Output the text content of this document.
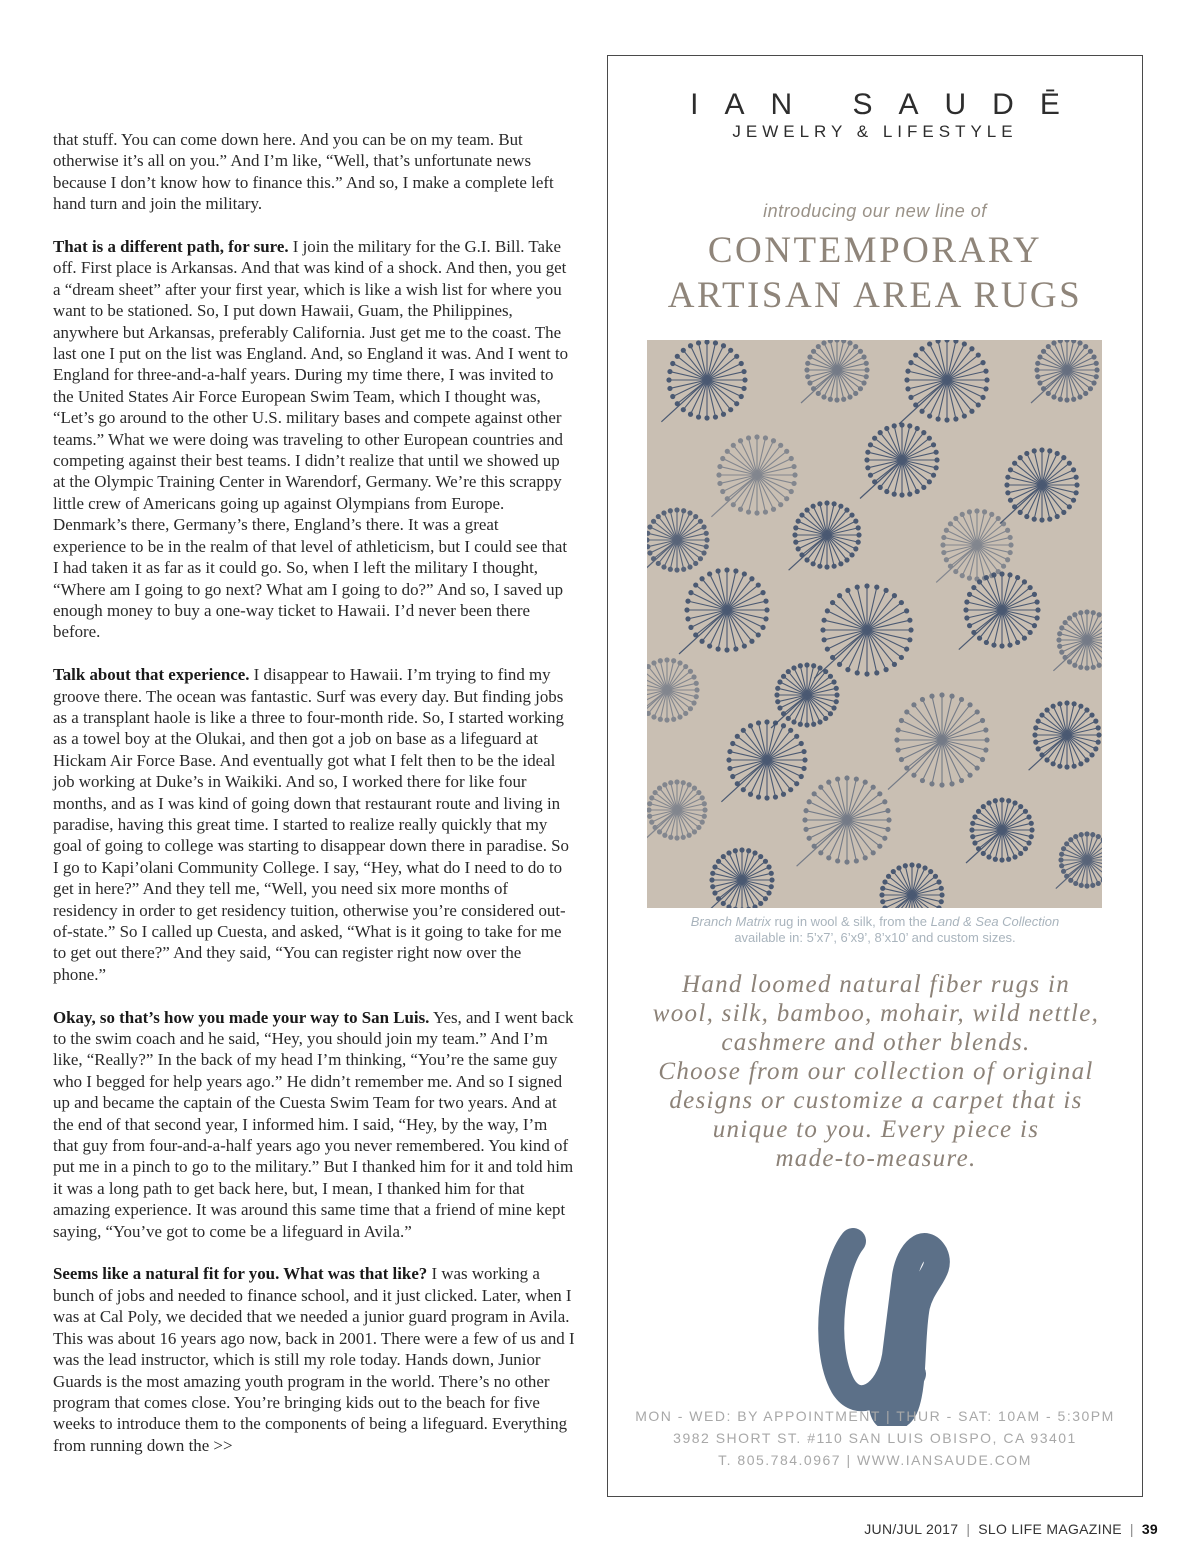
that stuff. You can come down here. And you can be on my team. But otherwise it’s all on you.” And I’m like, “Well, that’s unfortunate news because I don’t know how to finance this.” And so, I make a complete left hand turn and join the military.

That is a different path, for sure. I join the military for the G.I. Bill. Take off. First place is Arkansas. And that was kind of a shock. And then, you get a “dream sheet” after your first year, which is like a wish list for where you want to be stationed. So, I put down Hawaii, Guam, the Philippines, anywhere but Arkansas, preferably California. Just get me to the coast. The last one I put on the list was England. And, so England it was. And I went to England for three-and-a-half years. During my time there, I was invited to the United States Air Force European Swim Team, which I thought was, “Let’s go around to the other U.S. military bases and compete against other teams.” What we were doing was traveling to other European countries and competing against their best teams. I didn’t realize that until we showed up at the Olympic Training Center in Warendorf, Germany. We’re this scrappy little crew of Americans going up against Olympians from Europe. Denmark’s there, Germany’s there, England’s there. It was a great experience to be in the realm of that level of athleticism, but I could see that I had taken it as far as it could go. So, when I left the military I thought, “Where am I going to go next? What am I going to do?” And so, I saved up enough money to buy a one-way ticket to Hawaii. I’d never been there before.

Talk about that experience. I disappear to Hawaii. I’m trying to find my groove there. The ocean was fantastic. Surf was every day. But finding jobs as a transplant haole is like a three to four-month ride. So, I started working as a towel boy at the Olukai, and then got a job on base as a lifeguard at Hickam Air Force Base. And eventually got what I felt then to be the ideal job working at Duke’s in Waikiki. And so, I worked there for like four months, and as I was kind of going down that restaurant route and living in paradise, having this great time. I started to realize really quickly that my goal of going to college was starting to disappear down there in paradise. So I go to Kapi’olani Community College. I say, “Hey, what do I need to do to get in here?” And they tell me, “Well, you need six more months of residency in order to get residency tuition, otherwise you’re considered out-of-state.” So I called up Cuesta, and asked, “What is it going to take for me to get out there?” And they said, “You can register right now over the phone.”

Okay, so that’s how you made your way to San Luis. Yes, and I went back to the swim coach and he said, “Hey, you should join my team.” And I’m like, “Really?” In the back of my head I’m thinking, “You’re the same guy who I begged for help years ago.” He didn’t remember me. And so I signed up and became the captain of the Cuesta Swim Team for two years. And at the end of that second year, I informed him. I said, “Hey, by the way, I’m that guy from four-and-a-half years ago you never remembered. You kind of put me in a pinch to go to the military.” But I thanked him for it and told him it was a long path to get back here, but, I mean, I thanked him for that amazing experience. It was around this same time that a friend of mine kept saying, “You’ve got to come be a lifeguard in Avila.”

Seems like a natural fit for you. What was that like? I was working a bunch of jobs and needed to finance school, and it just clicked. Later, when I was at Cal Poly, we decided that we needed a junior guard program in Avila. This was about 16 years ago now, back in 2001. There were a few of us and I was the lead instructor, which is still my role today. Hands down, Junior Guards is the most amazing youth program in the world. There’s no other program that comes close. You’re bringing kids out to the beach for five weeks to introduce them to the components of being a lifeguard. Everything from running down the >>

IAN SAUDĒ
JEWELRY & LIFESTYLE
introducing our new line of
CONTEMPORARY
ARTISAN AREA RUGS
Branch Matrix rug in wool & silk, from the Land & Sea Collection
available in: 5’x7’, 6’x9’, 8’x10’ and custom sizes.
Hand loomed natural fiber rugs in
wool, silk, bamboo, mohair, wild nettle,
cashmere and other blends.
Choose from our collection of original
designs or customize a carpet that is
unique to you. Every piece is
made-to-measure.
MON - WED: BY APPOINTMENT | THUR - SAT: 10AM - 5:30PM
3982 SHORT ST. #110 SAN LUIS OBISPO, CA 93401
T. 805.784.0967 | WWW.IANSAUDE.COM
JUN/JUL 2017 | SLO LIFE MAGAZINE | 39
